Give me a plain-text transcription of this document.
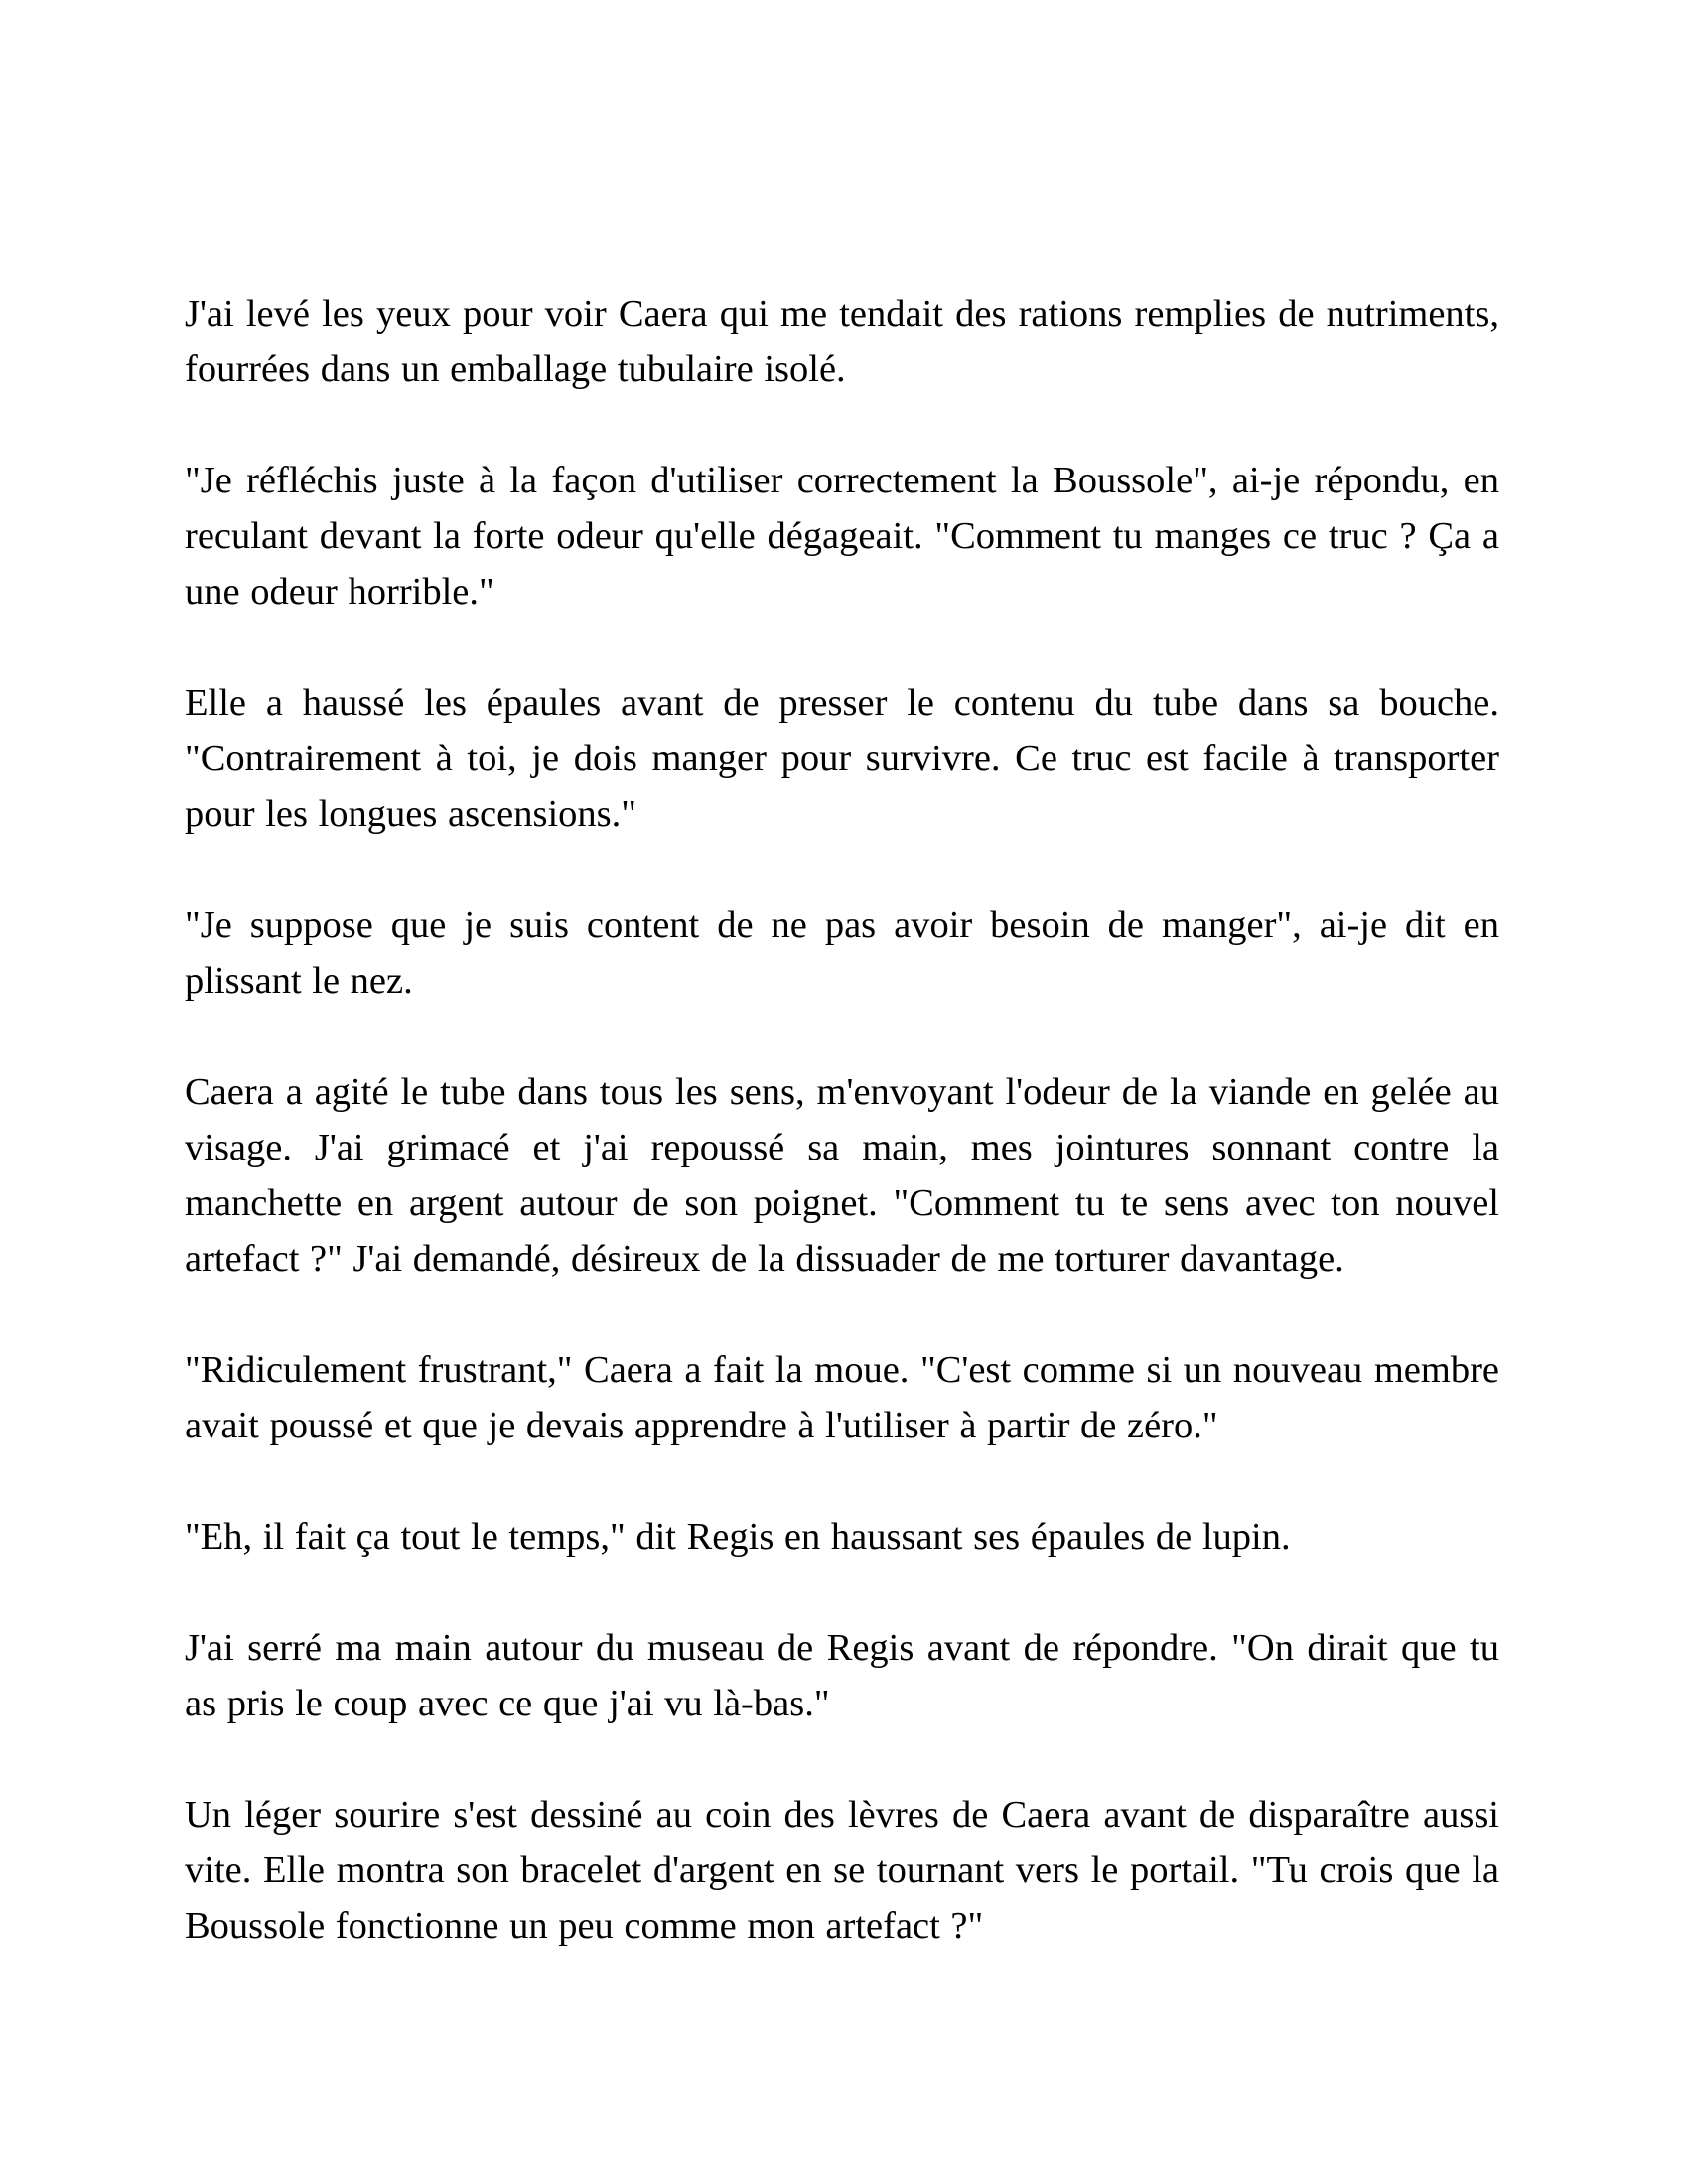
J'ai levé les yeux pour voir Caera qui me tendait des rations remplies de nutriments, fourrées dans un emballage tubulaire isolé.

"Je réfléchis juste à la façon d'utiliser correctement la Boussole", ai-je répondu, en reculant devant la forte odeur qu'elle dégageait. "Comment tu manges ce truc ? Ça a une odeur horrible."

Elle a haussé les épaules avant de presser le contenu du tube dans sa bouche. "Contrairement à toi, je dois manger pour survivre. Ce truc est facile à transporter pour les longues ascensions."

"Je suppose que je suis content de ne pas avoir besoin de manger", ai-je dit en plissant le nez.

Caera a agité le tube dans tous les sens, m'envoyant l'odeur de la viande en gelée au visage. J'ai grimacé et j'ai repoussé sa main, mes jointures sonnant contre la manchette en argent autour de son poignet. "Comment tu te sens avec ton nouvel artefact ?" J'ai demandé, désireux de la dissuader de me torturer davantage.

"Ridiculement frustrant," Caera a fait la moue. "C'est comme si un nouveau membre avait poussé et que je devais apprendre à l'utiliser à partir de zéro."

"Eh, il fait ça tout le temps," dit Regis en haussant ses épaules de lupin.

J'ai serré ma main autour du museau de Regis avant de répondre. "On dirait que tu as pris le coup avec ce que j'ai vu là-bas."

Un léger sourire s'est dessiné au coin des lèvres de Caera avant de disparaître aussi vite. Elle montra son bracelet d'argent en se tournant vers le portail. "Tu crois que la Boussole fonctionne un peu comme mon artefact ?"
